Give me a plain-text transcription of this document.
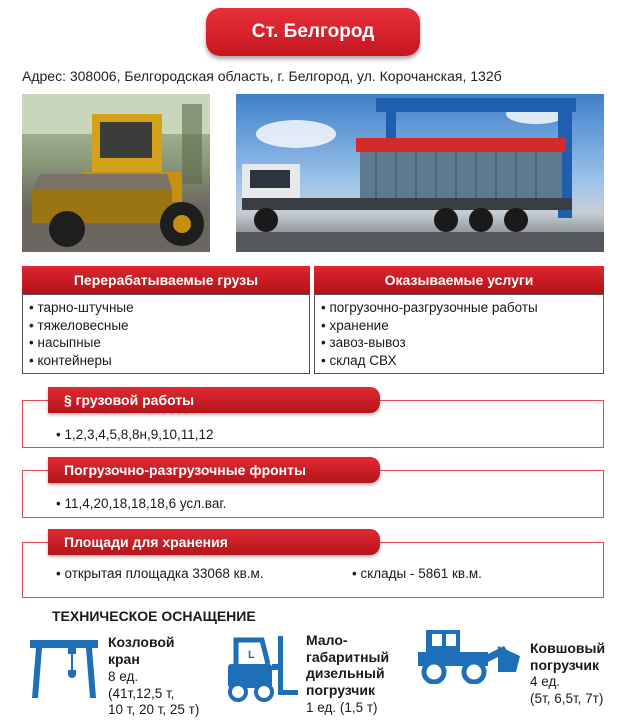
Ст. Белгород
Адрес: 308006, Белгородская область, г. Белгород, ул. Корочанская, 132б
Перерабатываемые грузы	Оказываемые услуги
• тарно-штучные
• тяжеловесные
• насыпные
• контейнеры
• погрузочно-разгрузочные работы
• хранение
• завоз-вывоз
• склад СВХ
§ грузовой работы
• 1,2,3,4,5,8,8н,9,10,11,12
Погрузочно-разгрузочные фронты
• 11,4,20,18,18,18,6 усл.ваг.
Площади для хранения
• открытая площадка 33068 кв.м.	• склады - 5861 кв.м.
ТЕХНИЧЕСКОЕ ОСНАЩЕНИЕ
Козловой
кран
8 ед.
(41т,12,5 т,
10 т, 20 т, 25 т)
L
Мало-
габаритный
дизельный
погрузчик
1 ед. (1,5 т)
Ковшовый
погрузчик
4 ед.
(5т, 6,5т, 7т)
